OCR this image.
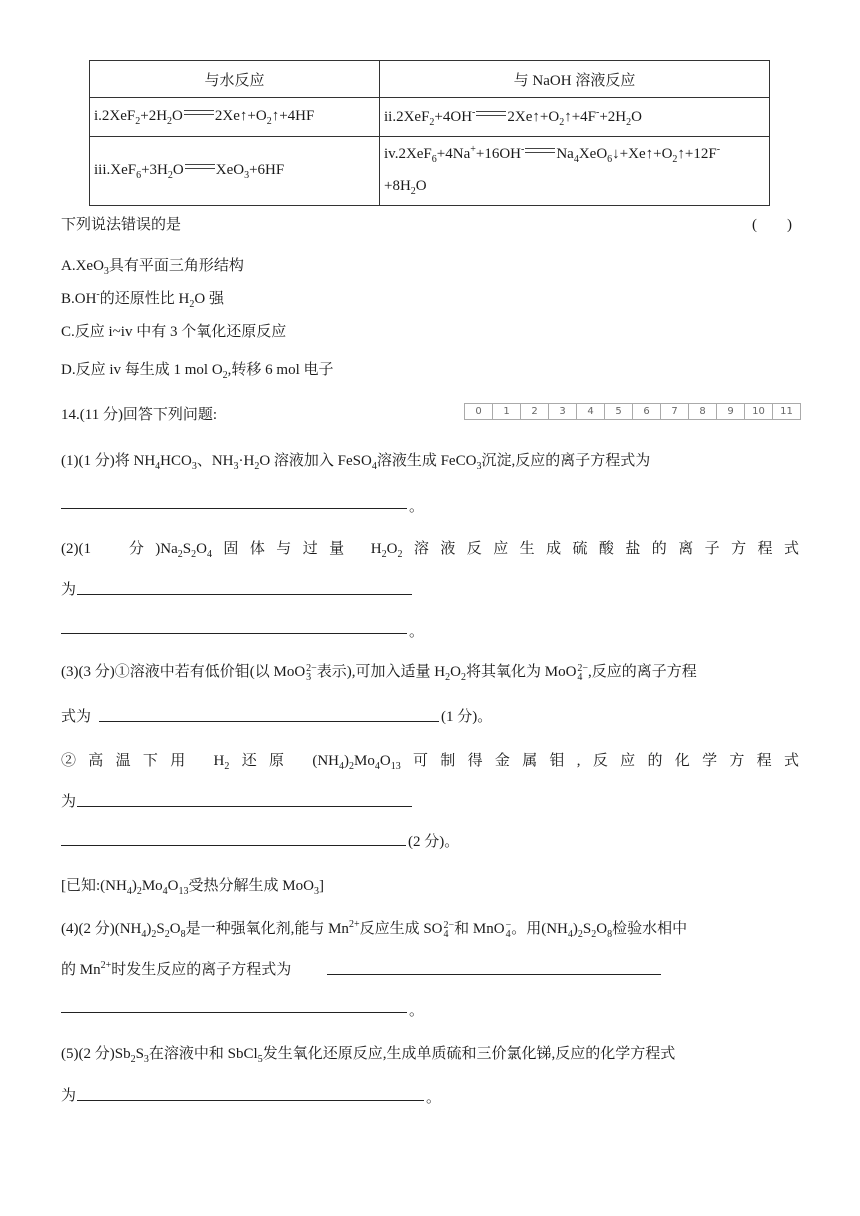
与水反应	与 NaOH 溶液反应
$i.2XeF_2+2H_2O$ $2Xe↑+O_2↑+4HF$	ii.2XeF$_2$+4OH- $2Xe↑+O_2↑+4F^-+2H_2O$
$iii.XeF_6+3H_2O$ XeO$_3$+6HF	iv.2XeF$_6$+4Na++16OH- $Na_4XeO_6↓+Xe↑+O_2↑+12F^-$
$+8H_2O$
下列说法错误的是	(　　)
A.XeO$_3$具有平面三角形结构
B.OH-的还原性比 $H_2O$ 强
C.反应 i~iv 中有 3 个氧化还原反应
D.反应 iv 每生成 1 mol $O_2$,转移 6 mol 电子
14.(11 分)回答下列问题:	0	1	2	3	4	5	6	7	8	9	10	11
(1)(1 分)将 $NH_4HCO_3$、$NH_3\cdot H_2O$ 溶液加入 FeSO$_4$溶液生成 FeCO$_3$沉淀,反应的离子方程式为
。
(2)(1　分)$Na_2S_2O_4$固体与过量 $H_2O_2$溶液反应生成硫酸盐的离子方程式
为
。
(3)(3 分)①溶液中若有低价钼(以 MoO 2−
3 表示),可加入适量 $H_2O_2$将其氧化为 MoO 2−
4 ,反应的离子方程
式为	(1 分)。
②高温下用 $H_2$还原 $(NH_4)_2Mo_4O_{13}$可制得金属钼,反应的化学方程式
为
(2 分)。
[已知$:(NH_4)_2Mo_4O_{13}$受热分解生成 MoO$_3$]
(4)(2 分)$(NH_4)_2S_2O_8$是一种强氧化剂,能与 $Mn^{2+}$反应生成 SO 2−
4 和 MnO −
4 。用$(NH_4)_2S_2O_8$检验水相中
的 $Mn^{2+}$时发生反应的离子方程式为
。
(5)(2 分)$Sb_2S_3$在溶液中和 SbCl$_5$发生氧化还原反应,生成单质硫和三价氯化锑,反应的化学方程式
为	。
